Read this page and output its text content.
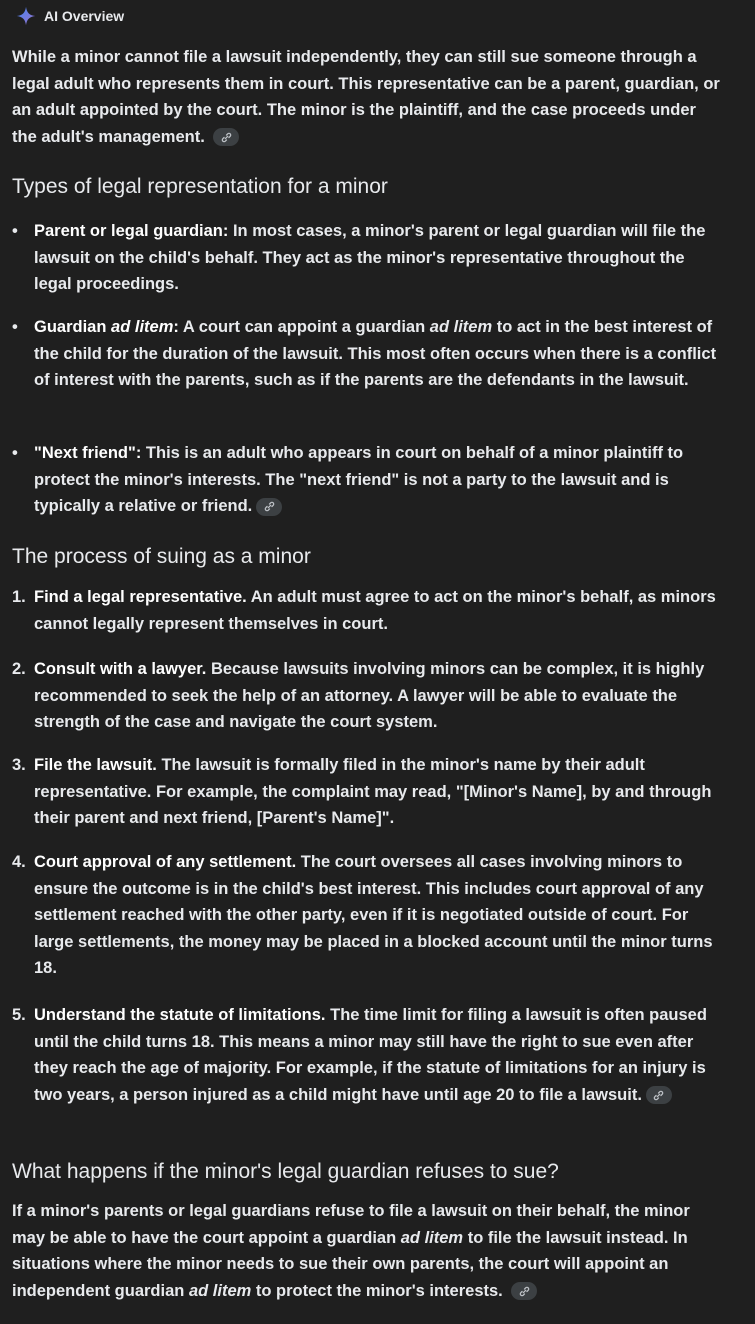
AI Overview
While a minor cannot file a lawsuit independently, they can still sue someone through a legal adult who represents them in court. This representative can be a parent, guardian, or an adult appointed by the court. The minor is the plaintiff, and the case proceeds under the adult's management.
Types of legal representation for a minor
• Parent or legal guardian: In most cases, a minor's parent or legal guardian will file the lawsuit on the child's behalf. They act as the minor's representative throughout the legal proceedings.
• Guardian ad litem: A court can appoint a guardian ad litem to act in the best interest of the child for the duration of the lawsuit. This most often occurs when there is a conflict of interest with the parents, such as if the parents are the defendants in the lawsuit.
• "Next friend": This is an adult who appears in court on behalf of a minor plaintiff to protect the minor's interests. The "next friend" is not a party to the lawsuit and is typically a relative or friend.
The process of suing as a minor
1. Find a legal representative. An adult must agree to act on the minor's behalf, as minors cannot legally represent themselves in court.
2. Consult with a lawyer. Because lawsuits involving minors can be complex, it is highly recommended to seek the help of an attorney. A lawyer will be able to evaluate the strength of the case and navigate the court system.
3. File the lawsuit. The lawsuit is formally filed in the minor's name by their adult representative. For example, the complaint may read, "[Minor's Name], by and through their parent and next friend, [Parent's Name]".
4. Court approval of any settlement. The court oversees all cases involving minors to ensure the outcome is in the child's best interest. This includes court approval of any settlement reached with the other party, even if it is negotiated outside of court. For large settlements, the money may be placed in a blocked account until the minor turns 18.
5. Understand the statute of limitations. The time limit for filing a lawsuit is often paused until the child turns 18. This means a minor may still have the right to sue even after they reach the age of majority. For example, if the statute of limitations for an injury is two years, a person injured as a child might have until age 20 to file a lawsuit.
What happens if the minor's legal guardian refuses to sue?
If a minor's parents or legal guardians refuse to file a lawsuit on their behalf, the minor may be able to have the court appoint a guardian ad litem to file the lawsuit instead. In situations where the minor needs to sue their own parents, the court will appoint an independent guardian ad litem to protect the minor's interests.
